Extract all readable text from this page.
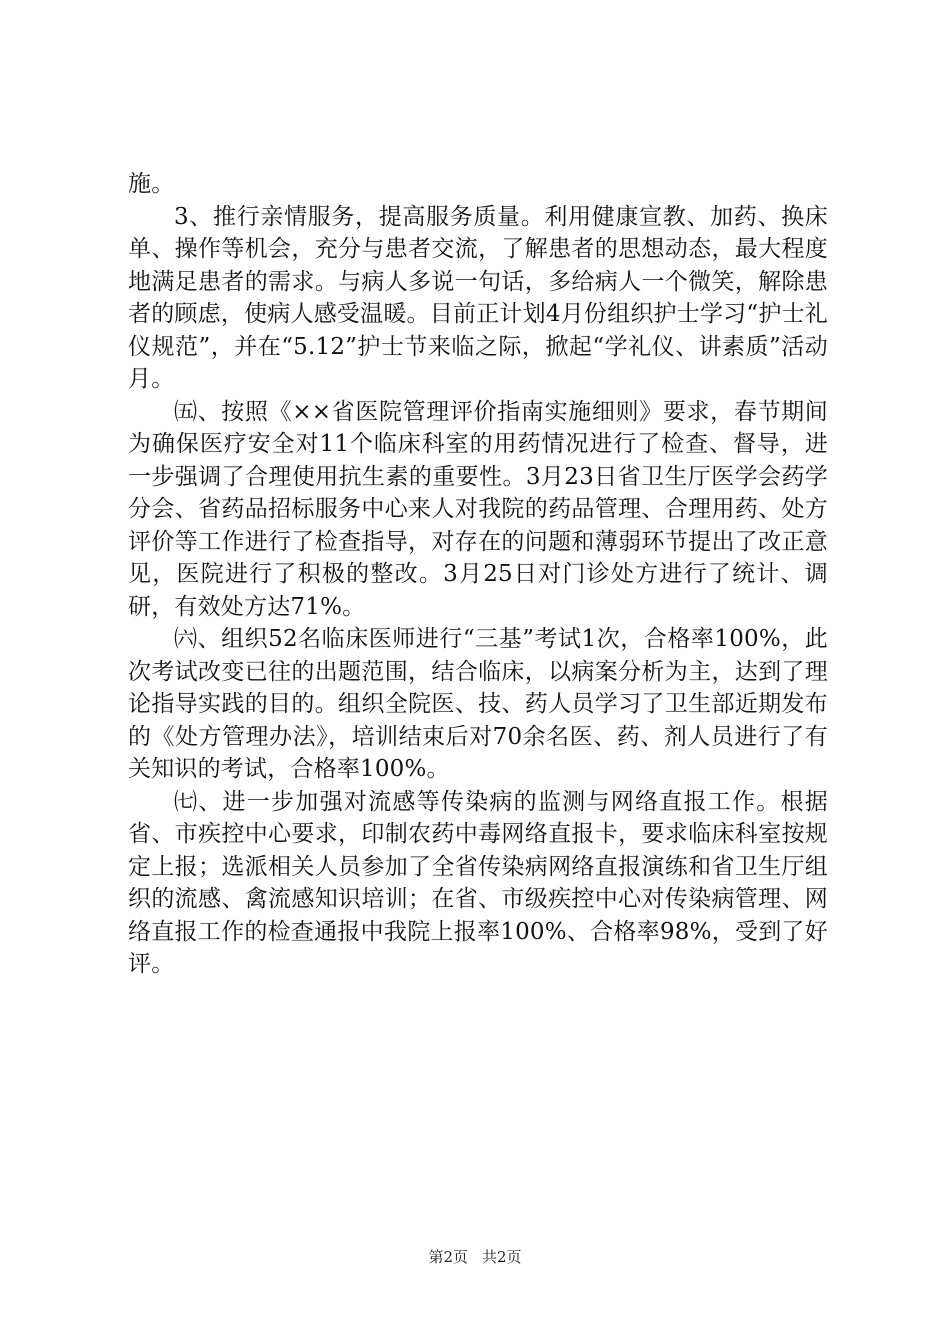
施。

3、推行亲情服务，提高服务质量。利用健康宣教、加药、换床单、操作等机会，充分与患者交流，了解患者的思想动态，最大程度地满足患者的需求。与病人多说一句话，多给病人一个微笑，解除患者的顾虑，使病人感受温暖。目前正计划4月份组织护士学习“护士礼仪规范”，并在“5.12”护士节来临之际，掀起“学礼仪、讲素质”活动月。

㈤、按照《××省医院管理评价指南实施细则》要求，春节期间为确保医疗安全对11个临床科室的用药情况进行了检查、督导，进一步强调了合理使用抗生素的重要性。3月23日省卫生厅医学会药学分会、省药品招标服务中心来人对我院的药品管理、合理用药、处方评价等工作进行了检查指导，对存在的问题和薄弱环节提出了改正意见，医院进行了积极的整改。3月25日对门诊处方进行了统计、调研，有效处方达71%。

㈥、组织52名临床医师进行“三基”考试1次，合格率100%，此次考试改变已往的出题范围，结合临床，以病案分析为主，达到了理论指导实践的目的。组织全院医、技、药人员学习了卫生部近期发布的《处方管理办法》，培训结束后对70余名医、药、剂人员进行了有关知识的考试，合格率100%。

㈦、进一步加强对流感等传染病的监测与网络直报工作。根据省、市疾控中心要求，印制农药中毒网络直报卡，要求临床科室按规定上报；选派相关人员参加了全省传染病网络直报演练和省卫生厅组织的流感、禽流感知识培训；在省、市级疾控中心对传染病管理、网络直报工作的检查通报中我院上报率100%、合格率98%，受到了好评。

第2页 共2页
